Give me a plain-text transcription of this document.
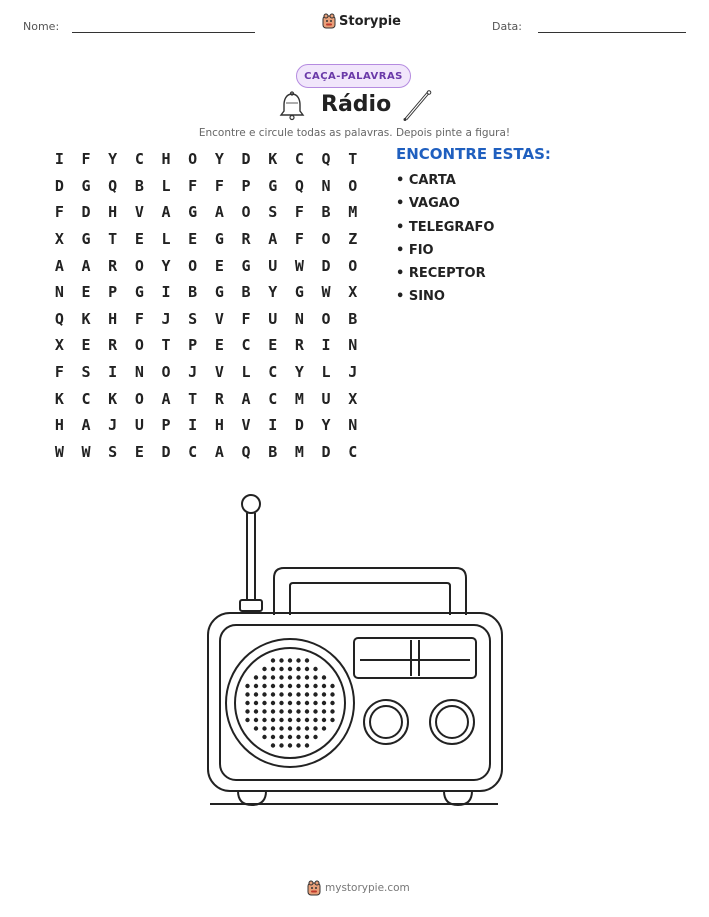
Nome:	Storypie	Data:
CAÇA-PALAVRAS
Rádio
Encontre e circule todas as palavras. Depois pinte a figura!
I	F	Y	C	H	O	Y	D	K	C	Q	T
D	G	Q	B	L	F	F	P	G	Q	N	O
F	D	H	V	A	G	A	O	S	F	B	M
X	G	T	E	L	E	G	R	A	F	O	Z
A	A	R	O	Y	O	E	G	U	W	D	O
N	E	P	G	I	B	G	B	Y	G	W	X
Q	K	H	F	J	S	V	F	U	N	O	B
X	E	R	O	T	P	E	C	E	R	I	N
F	S	I	N	O	J	V	L	C	Y	L	J
K	C	K	O	A	T	R	A	C	M	U	X
H	A	J	U	P	I	H	V	I	D	Y	N
W	W	S	E	D	C	A	Q	B	M	D	C
ENCONTRE ESTAS:
• CARTA
• VAGAO
• TELEGRAFO
• FIO
• RECEPTOR
• SINO
mystorypie.com
